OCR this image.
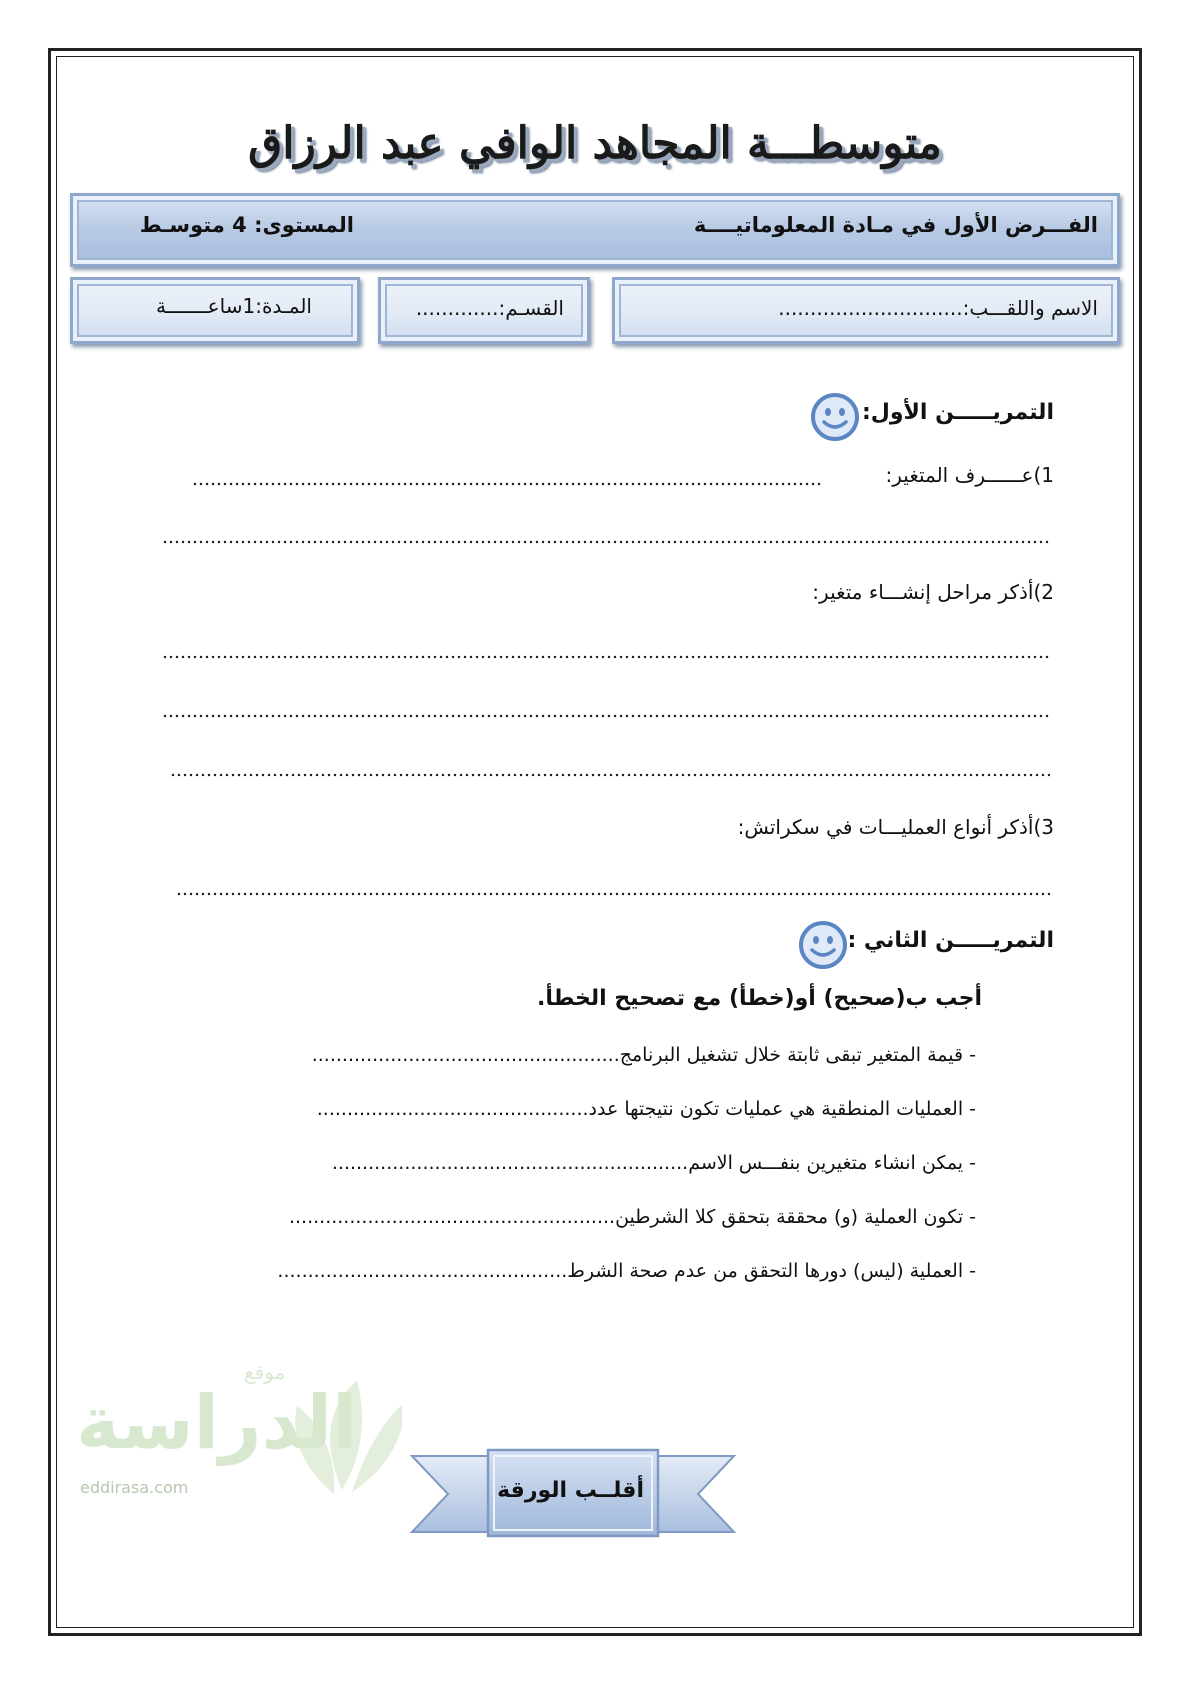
متوسطـــة المجاهد الوافي عبد الرزاق
الفـــرض الأول في مـادة المعلوماتيــــة
المستوى: 4 متوسـط
الاسم واللقـــب:.............................
القسـم:.............
المـدة:1ساعـــــــة
التمريـــــن الأول:
1)عــــــرف المتغير:
2)أذكر مراحل إنشـــاء متغير:
3)أذكر أنواع العمليـــات في سكراتش:
التمريـــــن الثاني :
أجب ب(صحيح) أو(خطأ) مع تصحيح الخطأ.
- قيمة المتغير تبقى ثابتة خلال تشغيل البرنامج...................................................
- العمليات المنطقية هي عمليات تكون نتيجتها عدد.............................................
- يمكن انشاء متغيرين بنفـــس الاسم...........................................................
- تكون العملية (و) محققة بتحقق كلا الشرطين......................................................
- العملية (ليس) دورها التحقق من عدم صحة الشرط................................................
الدراسة
موقع
eddirasa.com	أقلــب الورقة
